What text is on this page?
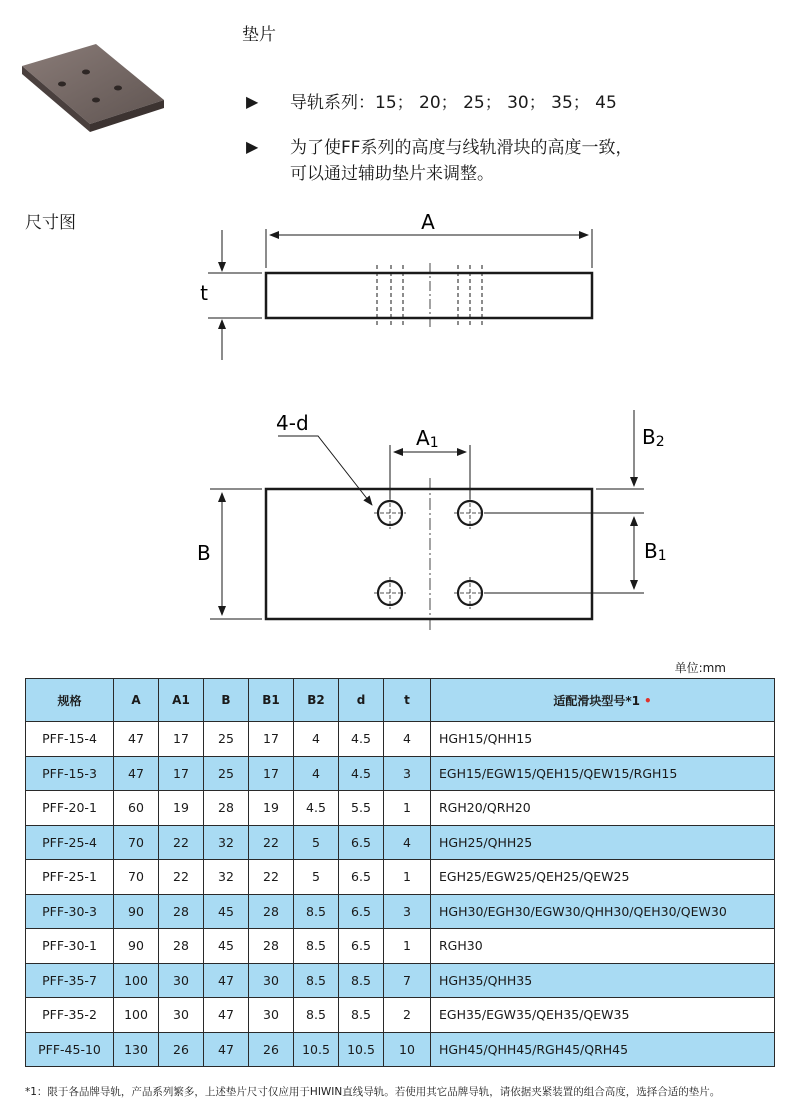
垫片
▶ 导轨系列：15； 20； 25； 30； 35； 45
▶ 为了使FF系列的高度与线轨滑块的高度一致，
可以通过辅助垫片来调整。
尺寸图	A
t
4-d
A1
B	B1
B2
单位:mm
规格	A	A1	B	B1	B2	d	t	适配滑块型号*1 •
PFF-15-4	47	17	25	17	4	4.5	4	HGH15/QHH15
PFF-15-3	47	17	25	17	4	4.5	3	EGH15/EGW15/QEH15/QEW15/RGH15
PFF-20-1	60	19	28	19	4.5	5.5	1	RGH20/QRH20
PFF-25-4	70	22	32	22	5	6.5	4	HGH25/QHH25
PFF-25-1	70	22	32	22	5	6.5	1	EGH25/EGW25/QEH25/QEW25
PFF-30-3	90	28	45	28	8.5	6.5	3	HGH30/EGH30/EGW30/QHH30/QEH30/QEW30
PFF-30-1	90	28	45	28	8.5	6.5	1	RGH30
PFF-35-7	100	30	47	30	8.5	8.5	7	HGH35/QHH35
PFF-35-2	100	30	47	30	8.5	8.5	2	EGH35/EGW35/QEH35/QEW35
PFF-45-10	130	26	47	26	10.5	10.5	10	HGH45/QHH45/RGH45/QRH45
*1：限于各品牌导轨，产品系列繁多，上述垫片尺寸仅应用于HIWIN直线导轨。若使用其它品牌导轨，请依据夹紧装置的组合高度，选择合适的垫片。
